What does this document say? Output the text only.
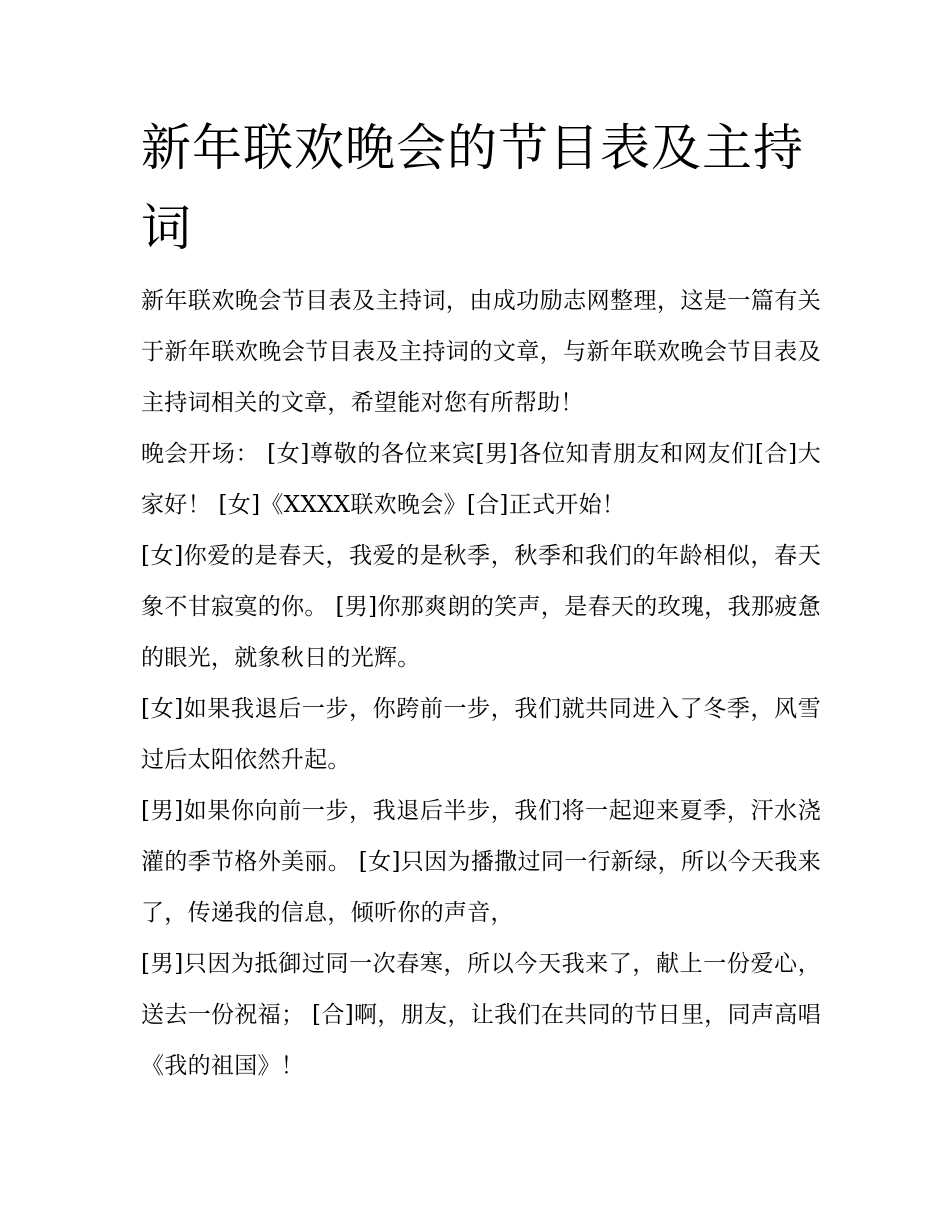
新年联欢晚会的节目表及主持词

新年联欢晚会节目表及主持词，由成功励志网整理，这是一篇有关于新年联欢晚会节目表及主持词的文章，与新年联欢晚会节目表及主持词相关的文章，希望能对您有所帮助！

晚会开场： [女]尊敬的各位来宾[男]各位知青朋友和网友们[合]大家好！ [女]《XXXX联欢晚会》[合]正式开始！

[女]你爱的是春天，我爱的是秋季，秋季和我们的年龄相似，春天象不甘寂寞的你。 [男]你那爽朗的笑声，是春天的玫瑰，我那疲惫的眼光，就象秋日的光辉。

[女]如果我退后一步，你跨前一步，我们就共同进入了冬季，风雪过后太阳依然升起。

[男]如果你向前一步，我退后半步，我们将一起迎来夏季，汗水浇灌的季节格外美丽。 [女]只因为播撒过同一行新绿，所以今天我来了，传递我的信息，倾听你的声音，

[男]只因为抵御过同一次春寒，所以今天我来了，献上一份爱心，送去一份祝福； [合]啊，朋友，让我们在共同的节日里，同声高唱《我的祖国》！
